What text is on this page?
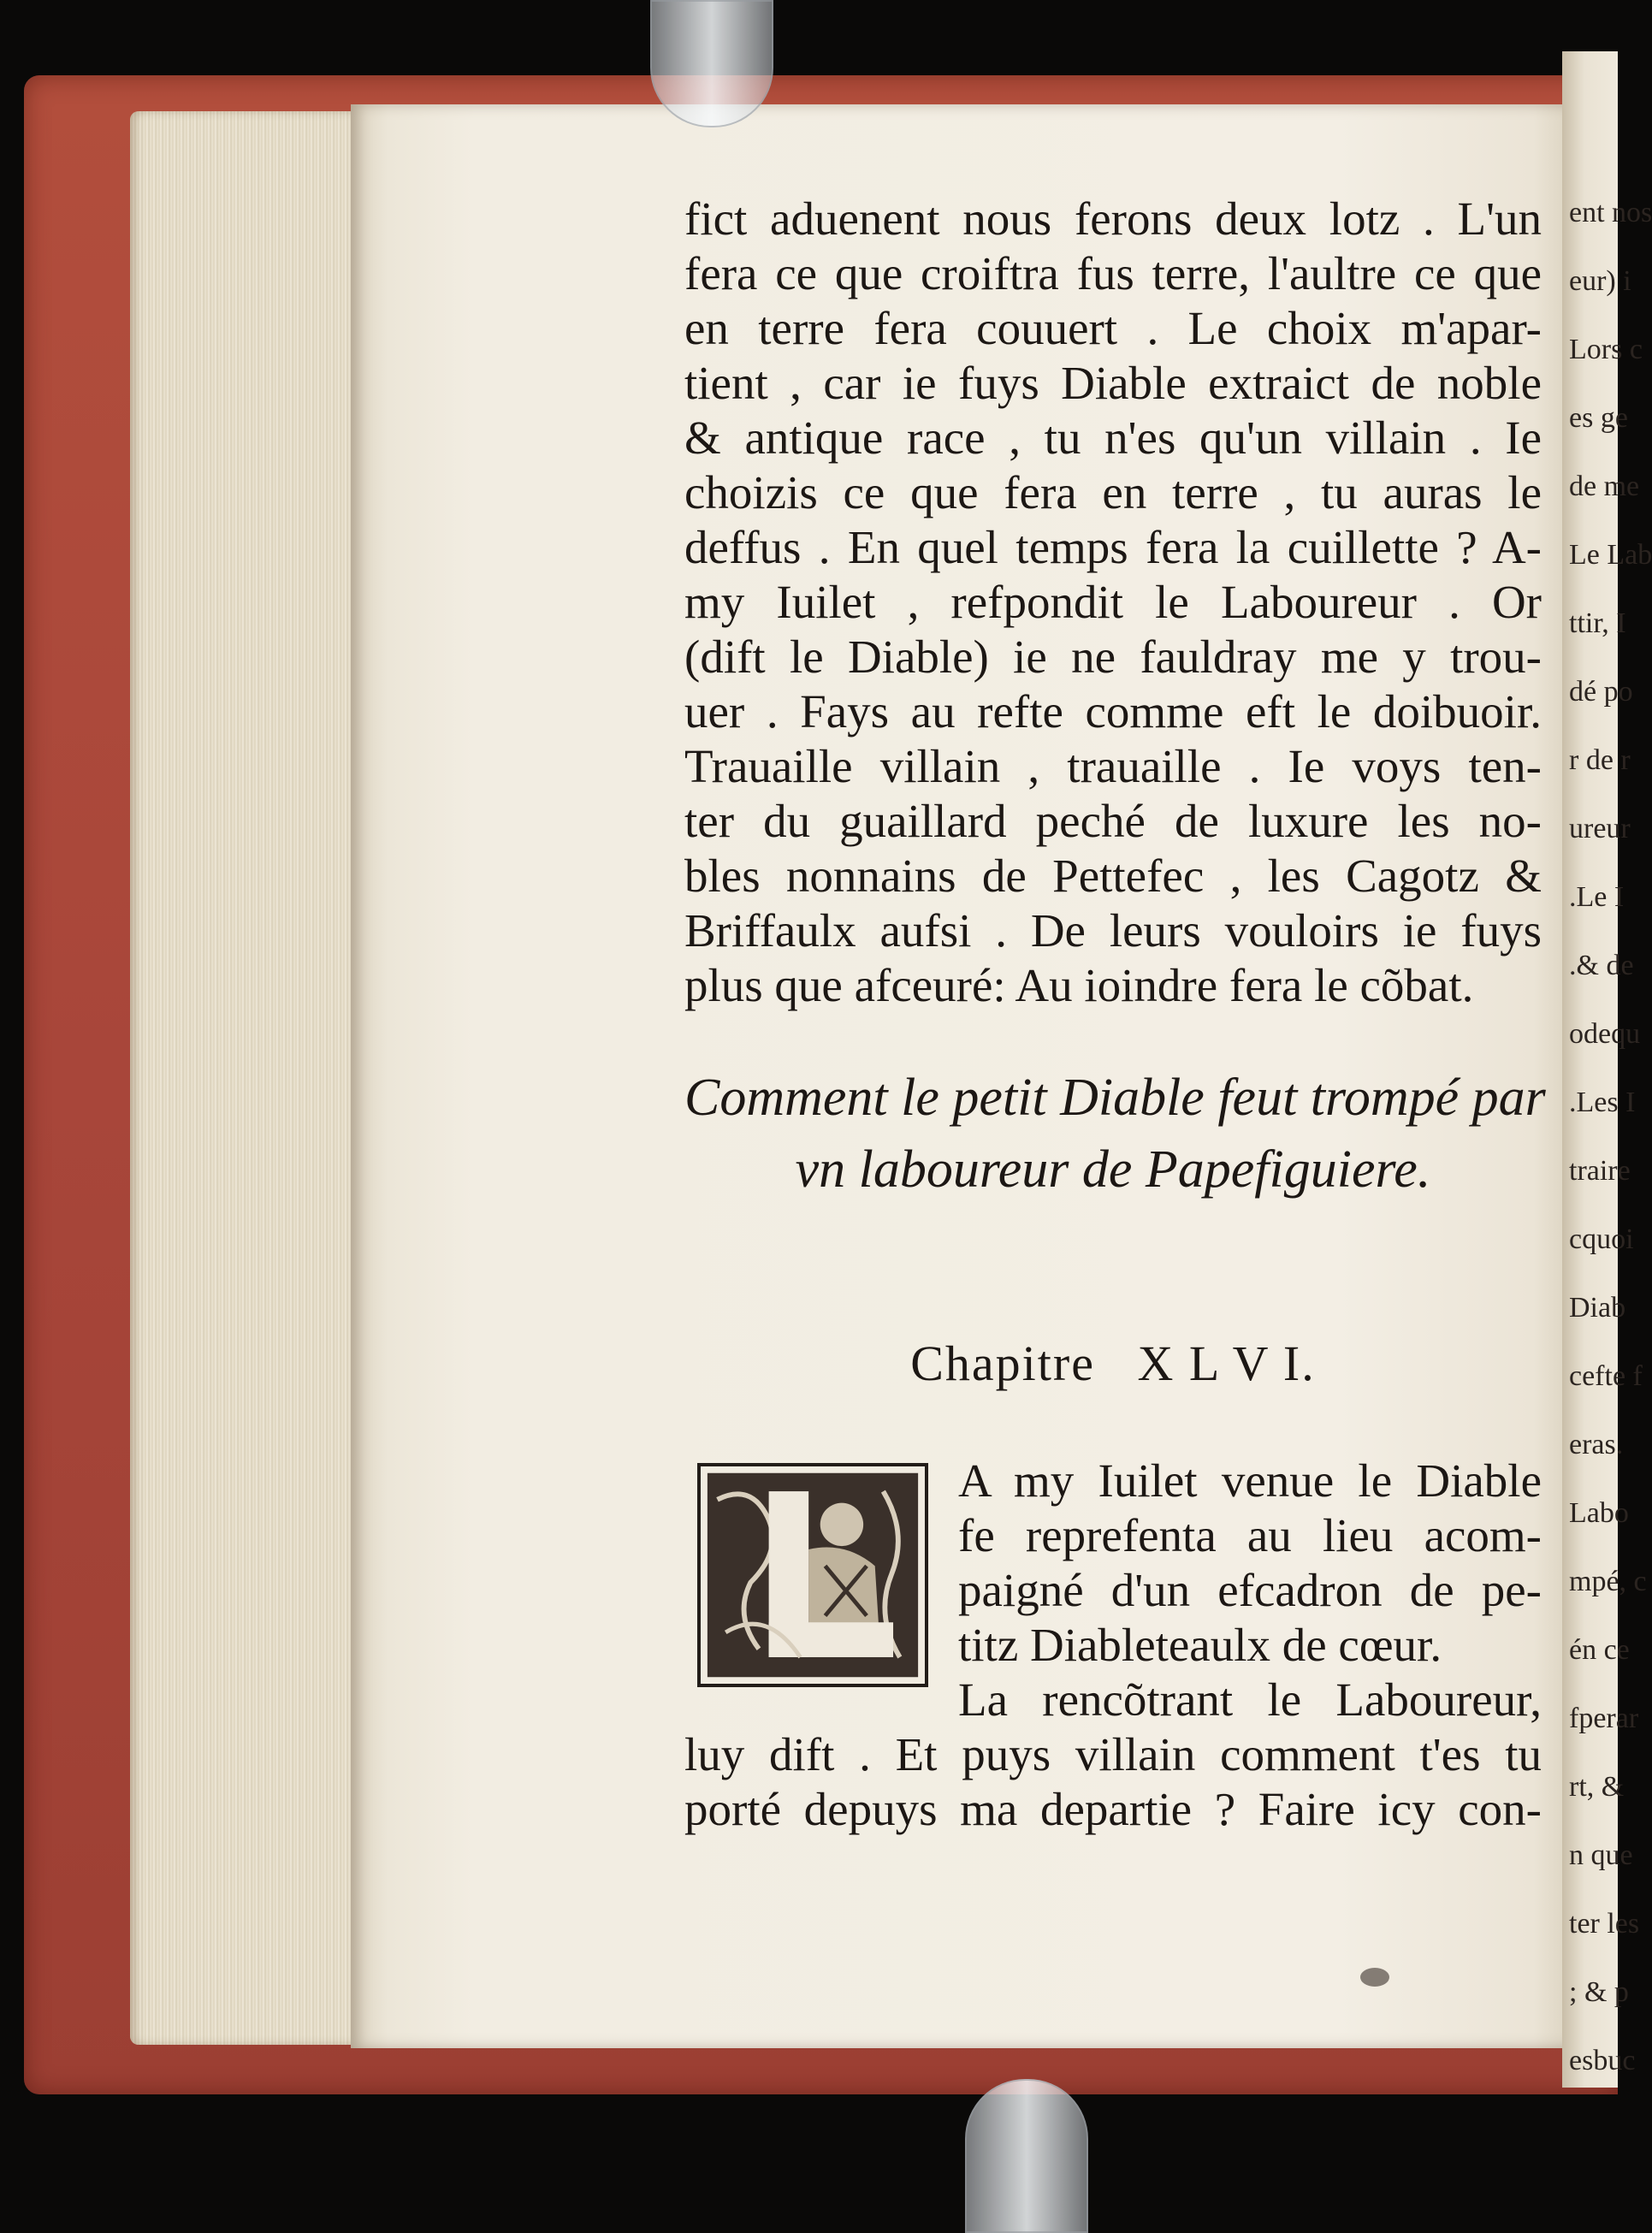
ent nos
eur) i
Lors c
es ge
de me
Le Lab
ttir, I
dé po
r de r
ureur
.Le I
.& de
odequ
.Les I
traire
cquoi
Diab
cefte f
eras.
Labo
mpé, c
én ce
fperar
rt, &
n que
ter les
; & p
esbuc
fict aduenent nous ferons deux lotz . L'un
fera ce que croiftra fus terre, l'aultre ce que
en terre fera couuert . Le choix m'apar-
tient , car ie fuys Diable extraict de noble
& antique race , tu n'es qu'un villain . Ie
choizis ce que fera en terre , tu auras le
deffus . En quel temps fera la cuillette ? A-
my Iuilet , refpondit le Laboureur . Or
(dift le Diable) ie ne fauldray me y trou-
uer . Fays au refte comme eft le doibuoir.
Trauaille villain , trauaille . Ie voys ten-
ter du guaillard peché de luxure les no-
bles nonnains de Pettefec , les Cagotz &
Briffaulx aufsi . De leurs vouloirs ie fuys
plus que afceuré: Au ioindre fera le cõbat.
Comment le petit Diable feut trompé par
vn laboureur de Papefiguiere.
Chapitre   X L V I.
A my Iuilet venue le Diable
fe reprefenta au lieu acom-
paigné d'un efcadron de pe-
titz Diableteaulx de cœur.
La rencõtrant le Laboureur,
luy dift . Et puys villain comment t'es tu
porté depuys ma departie ? Faire icy con-
